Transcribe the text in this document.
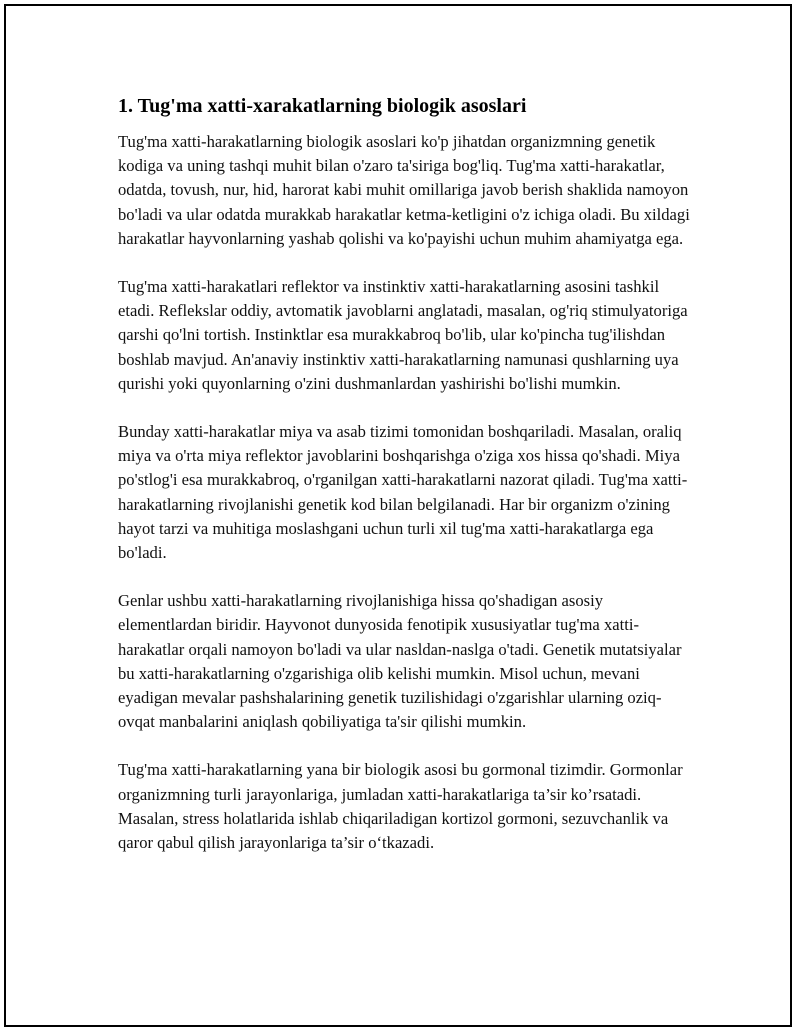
1. Tug'ma xatti-xarakatlarning biologik asoslari

Tug'ma xatti-harakatlarning biologik asoslari ko'p jihatdan organizmning genetik kodiga va uning tashqi muhit bilan o'zaro ta'siriga bog'liq. Tug'ma xatti-harakatlar, odatda, tovush, nur, hid, harorat kabi muhit omillariga javob berish shaklida namoyon bo'ladi va ular odatda murakkab harakatlar ketma-ketligini o'z ichiga oladi. Bu xildagi harakatlar hayvonlarning yashab qolishi va ko'payishi uchun muhim ahamiyatga ega.

Tug'ma xatti-harakatlari reflektor va instinktiv xatti-harakatlarning asosini tashkil etadi. Reflekslar oddiy, avtomatik javoblarni anglatadi, masalan, og'riq stimulyatoriga qarshi qo'lni tortish. Instinktlar esa murakkabroq bo'lib, ular ko'pincha tug'ilishdan boshlab mavjud. An'anaviy instinktiv xatti-harakatlarning namunasi qushlarning uya qurishi yoki quyonlarning o'zini dushmanlardan yashirishi bo'lishi mumkin.

Bunday xatti-harakatlar miya va asab tizimi tomonidan boshqariladi. Masalan, oraliq miya va o'rta miya reflektor javoblarini boshqarishga o'ziga xos hissa qo'shadi. Miya po'stlog'i esa murakkabroq, o'rganilgan xatti-harakatlarni nazorat qiladi. Tug'ma xatti-harakatlarning rivojlanishi genetik kod bilan belgilanadi. Har bir organizm o'zining hayot tarzi va muhitiga moslashgani uchun turli xil tug'ma xatti-harakatlarga ega bo'ladi.

Genlar ushbu xatti-harakatlarning rivojlanishiga hissa qo'shadigan asosiy elementlardan biridir. Hayvonot dunyosida fenotipik xususiyatlar tug'ma xatti-harakatlar orqali namoyon bo'ladi va ular nasldan-naslga o'tadi. Genetik mutatsiyalar bu xatti-harakatlarning o'zgarishiga olib kelishi mumkin. Misol uchun, mevani eyadigan mevalar pashshalarining genetik tuzilishidagi o'zgarishlar ularning oziq-ovqat manbalarini aniqlash qobiliyatiga ta'sir qilishi mumkin.

Tug'ma xatti-harakatlarning yana bir biologik asosi bu gormonal tizimdir. Gormonlar organizmning turli jarayonlariga, jumladan xatti-harakatlariga ta’sir ko’rsatadi. Masalan, stress holatlarida ishlab chiqariladigan kortizol gormoni, sezuvchanlik va qaror qabul qilish jarayonlariga ta’sir o‘tkazadi.
